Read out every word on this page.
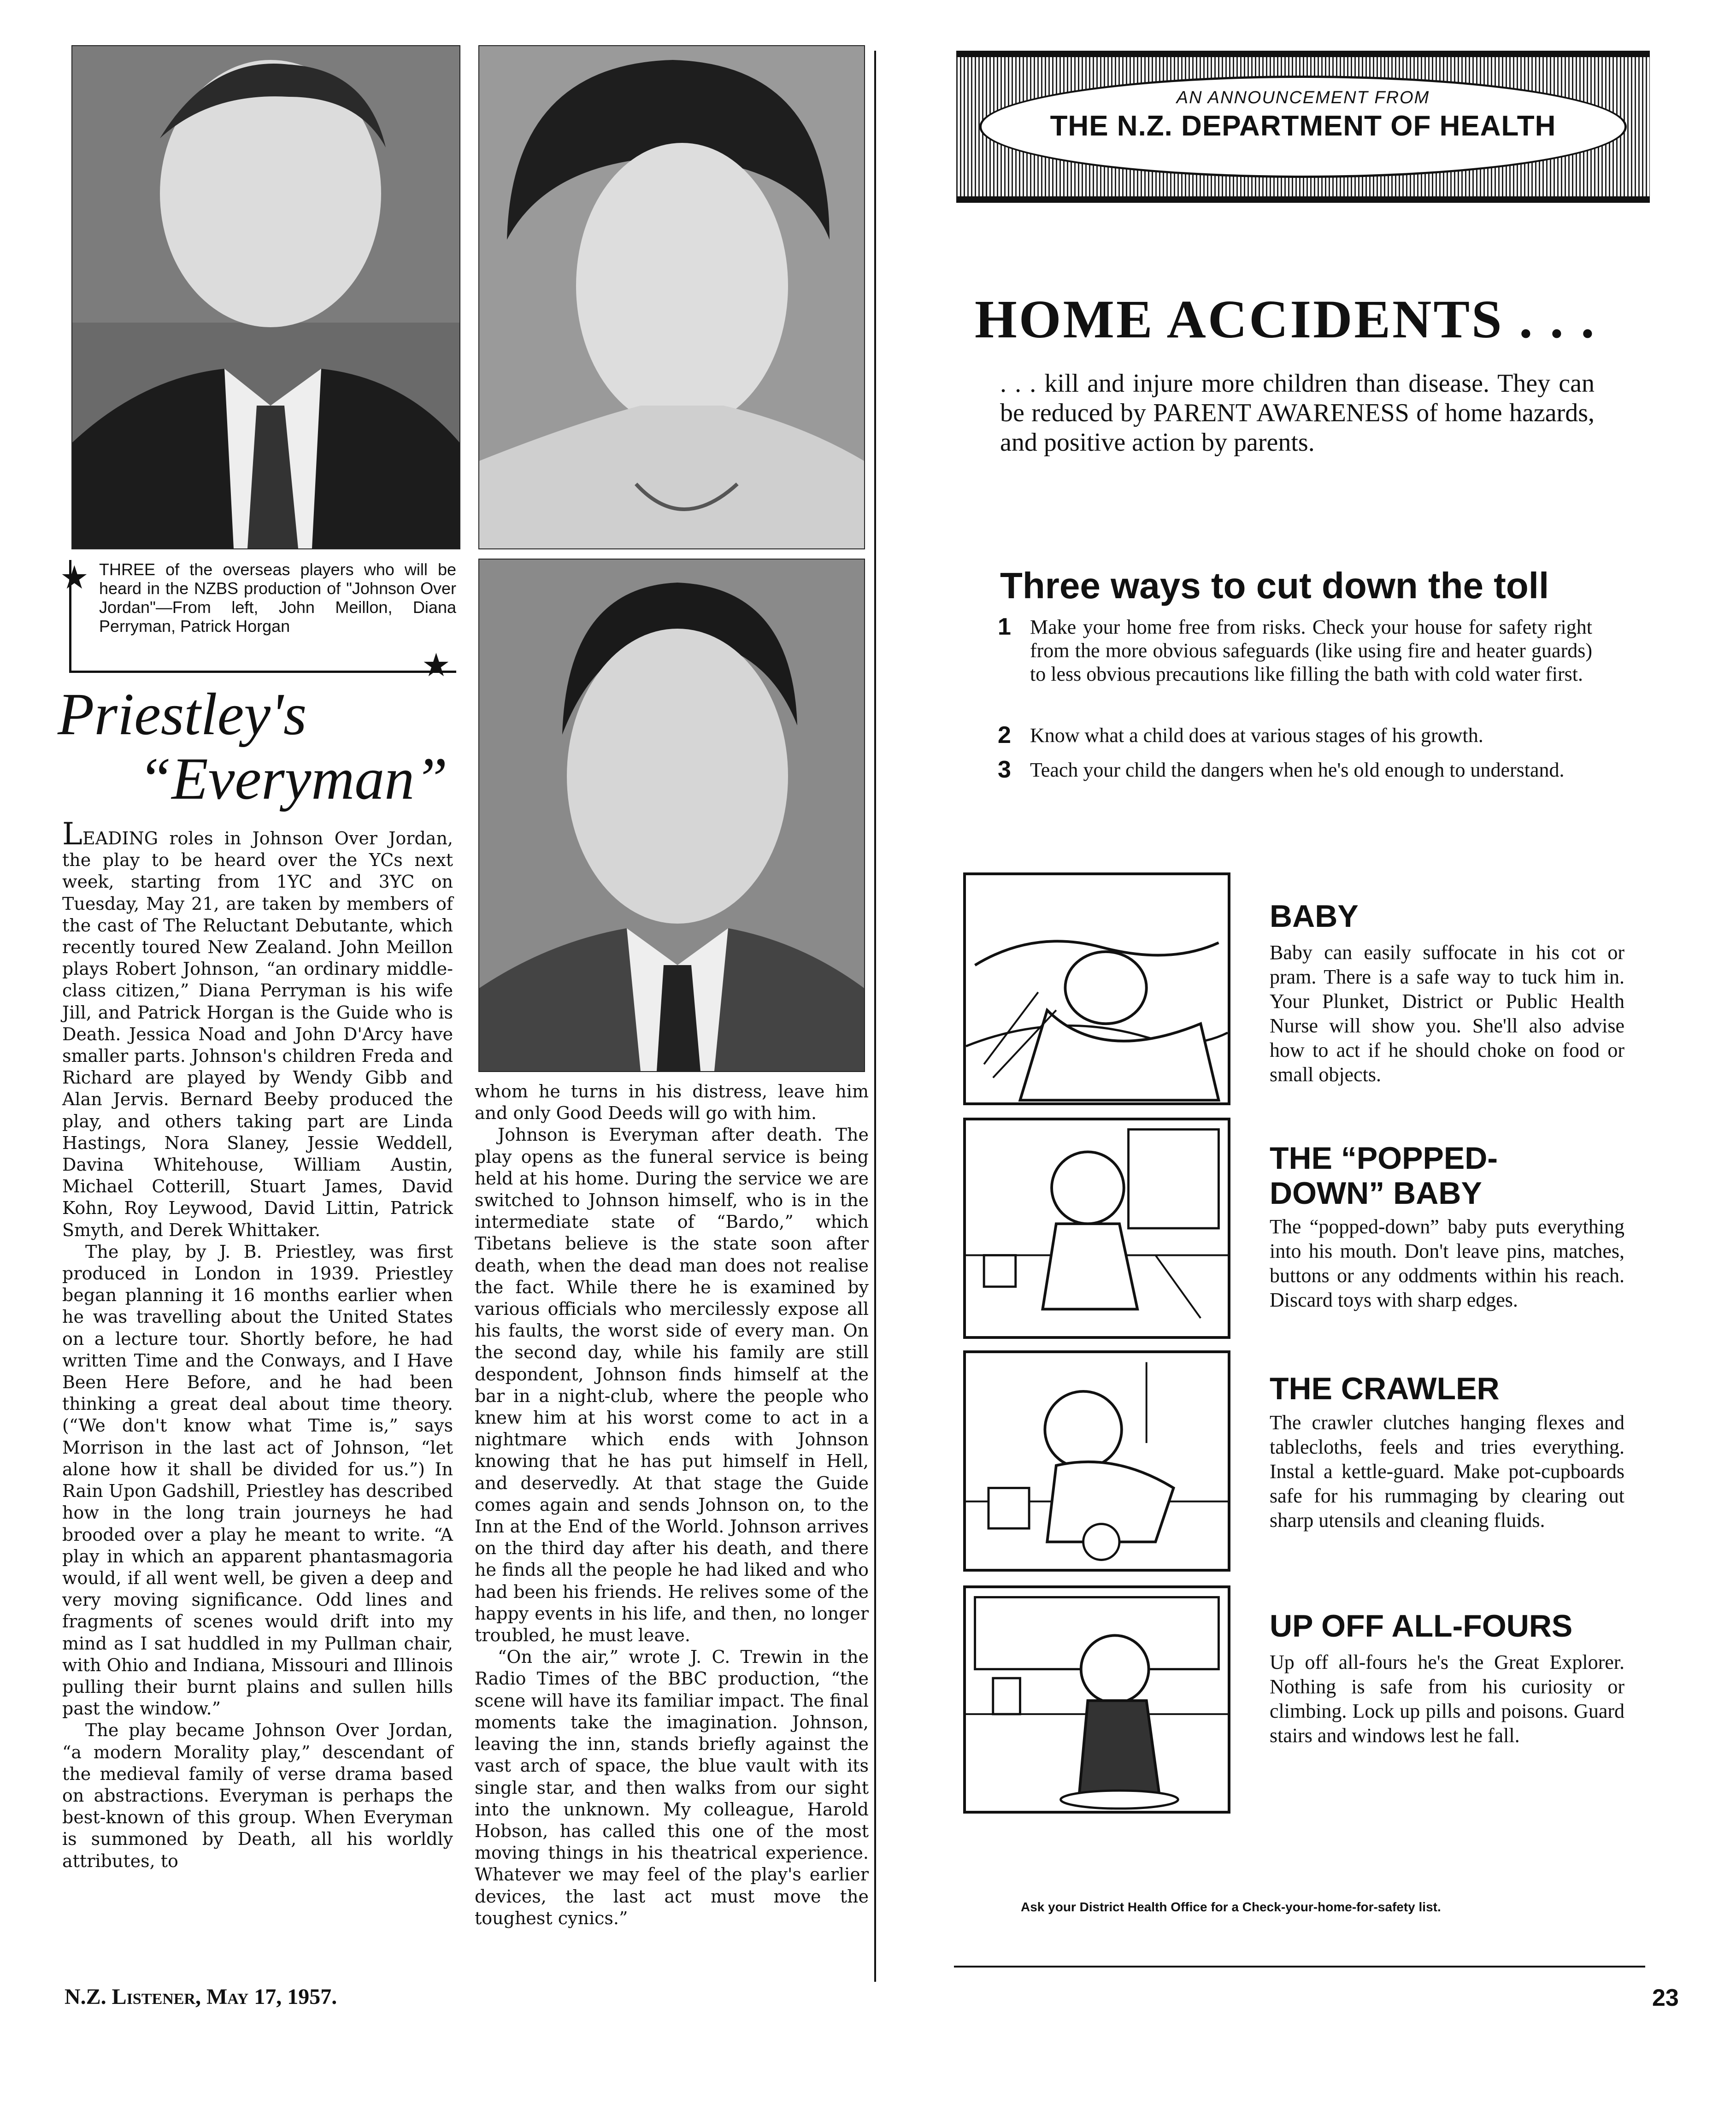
★ THREE of the overseas players who will be heard in the NZBS production of "Johnson Over Jordan"—From left, John Meillon, Diana Perryman, Patrick Horgan
★
Priestley's
“Everyman”

LEADING roles in Johnson Over Jordan, the play to be heard over the YCs next week, starting from 1YC and 3YC on Tuesday, May 21, are taken by members of the cast of The Reluctant Debutante, which recently toured New Zealand. John Meillon plays Robert Johnson, “an ordinary middle-class citizen,” Diana Perryman is his wife Jill, and Patrick Horgan is the Guide who is Death. Jessica Noad and John D'Arcy have smaller parts. Johnson's children Freda and Richard are played by Wendy Gibb and Alan Jervis. Bernard Beeby produced the play, and others taking part are Linda Hastings, Nora Slaney, Jessie Weddell, Davina Whitehouse, William Austin, Michael Cotterill, Stuart James, David Kohn, Roy Leywood, David Littin, Patrick Smyth, and Derek Whittaker.

The play, by J. B. Priestley, was first produced in London in 1939. Priestley began planning it 16 months earlier when he was travelling about the United States on a lecture tour. Shortly before, he had written Time and the Conways, and I Have Been Here Before, and he had been thinking a great deal about time theory. (“We don't know what Time is,” says Morrison in the last act of Johnson, “let alone how it shall be divided for us.”) In Rain Upon Gadshill, Priestley has described how in the long train journeys he had brooded over a play he meant to write. “A play in which an apparent phantasmagoria would, if all went well, be given a deep and very moving significance. Odd lines and fragments of scenes would drift into my mind as I sat huddled in my Pullman chair, with Ohio and Indiana, Missouri and Illinois pulling their burnt plains and sullen hills past the window.”

The play became Johnson Over Jordan, “a modern Morality play,” descendant of the medieval family of verse drama based on abstractions. Everyman is perhaps the best-known of this group. When Everyman is summoned by Death, all his worldly attributes, to

whom he turns in his distress, leave him and only Good Deeds will go with him.

Johnson is Everyman after death. The play opens as the funeral service is being held at his home. During the service we are switched to Johnson himself, who is in the intermediate state of “Bardo,” which Tibetans believe is the state soon after death, when the dead man does not realise the fact. While there he is examined by various officials who mercilessly expose all his faults, the worst side of every man. On the second day, while his family are still despondent, Johnson finds himself at the bar in a night-club, where the people who knew him at his worst come to act in a nightmare which ends with Johnson knowing that he has put himself in Hell, and deservedly. At that stage the Guide comes again and sends Johnson on, to the Inn at the End of the World. Johnson arrives on the third day after his death, and there he finds all the people he had liked and who had been his friends. He relives some of the happy events in his life, and then, no longer troubled, he must leave.

“On the air,” wrote J. C. Trewin in the Radio Times of the BBC production, “the scene will have its familiar impact. The final moments take the imagination. Johnson, leaving the inn, stands briefly against the vast arch of space, the blue vault with its single star, and then walks from our sight into the unknown. My colleague, Harold Hobson, has called this one of the most moving things in his theatrical experience. Whatever we may feel of the play's earlier devices, the last act must move the toughest cynics.”

N.Z. Listener, May 17, 1957.
AN ANNOUNCEMENT FROM
THE N.Z. DEPARTMENT OF HEALTH
HOME ACCIDENTS . . .
. . . kill and injure more children than disease. They can be reduced by PARENT AWARENESS of home hazards, and positive action by parents.
Three ways to cut down the toll
1 Make your home free from risks. Check your house for safety right from the more obvious safeguards (like using fire and heater guards) to less obvious precautions like filling the bath with cold water first.
2 Know what a child does at various stages of his growth.
3 Teach your child the dangers when he's old enough to understand.
BABY
Baby can easily suffocate in his cot or pram. There is a safe way to tuck him in. Your Plunket, District or Public Health Nurse will show you. She'll also advise how to act if he should choke on food or small objects.
THE “POPPED-DOWN” BABY
The “popped-down” baby puts everything into his mouth. Don't leave pins, matches, buttons or any oddments within his reach. Discard toys with sharp edges.
THE CRAWLER
The crawler clutches hanging flexes and tablecloths, feels and tries everything. Instal a kettle-guard. Make pot-cupboards safe for his rummaging by clearing out sharp utensils and cleaning fluids.
UP OFF ALL-FOURS
Up off all-fours he's the Great Explorer. Nothing is safe from his curiosity or climbing. Lock up pills and poisons. Guard stairs and windows lest he fall.
Ask your District Health Office for a Check-your-home-for-safety list.
23
